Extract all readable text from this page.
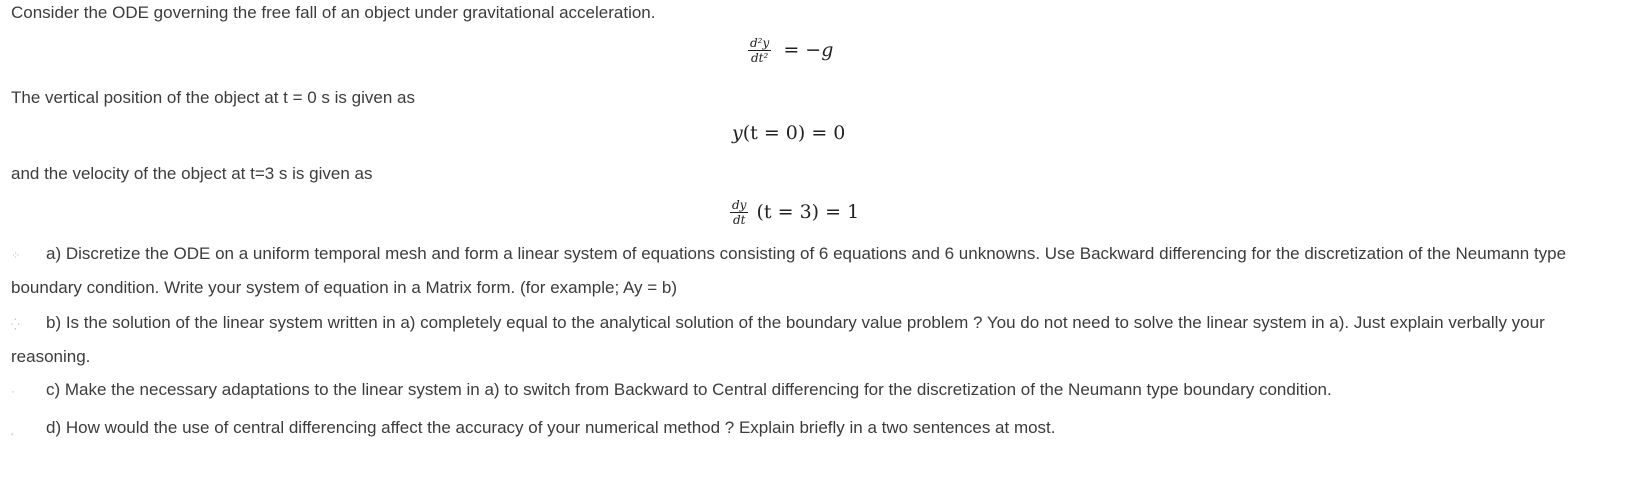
Consider the ODE governing the free fall of an object under gravitational acceleration.
$\frac{\text{d²y}}{\text{dt²}} = -g$
The vertical position of the object at t = 0 s is given as
y(t = 0) = 0
and the velocity of the object at t=3 s is given as
$\frac{dy}{dt} (t = 3) = 1$
⁘ a) Discretize the ODE on a uniform temporal mesh and form a linear system of equations consisting of 6 equations and 6 unknowns. Use Backward differencing for the discretization of the Neumann type boundary condition. Write your system of equation in a Matrix form. (for example; Ay = b)
⁛ b) Is the solution of the linear system written in a) completely equal to the analytical solution of the boundary value problem ? You do not need to solve the linear system in a). Just explain verbally your reasoning.
· c) Make the necessary adaptations to the linear system in a) to switch from Backward to Central differencing for the discretization of the Neumann type boundary condition.
˛ d) How would the use of central differencing affect the accuracy of your numerical method ? Explain briefly in a two sentences at most.
